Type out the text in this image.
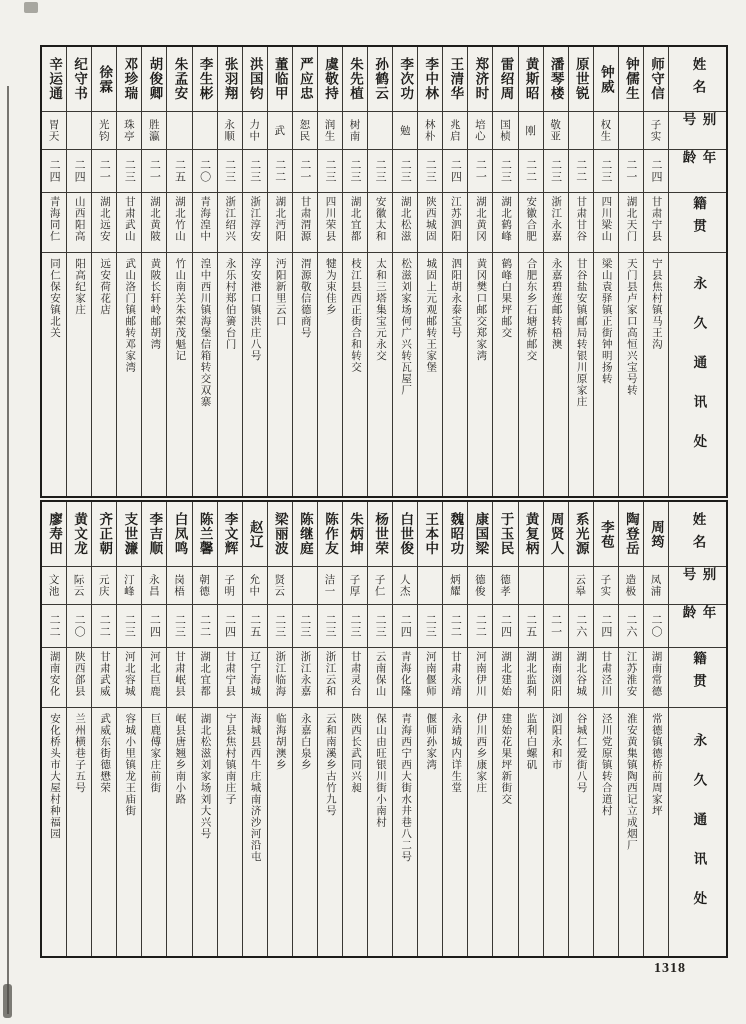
姓名
别号
年龄
籍贯
永久通讯处
师守信
子实
二四
甘肃宁县
宁县焦村镇马王沟
钟儒生
二一
湖北天门
天门县卢家口高恒兴宝号转
钟威
权生
二三
四川梁山
梁山袁驿镇正街钟明扬转
原世锐
二二
甘肃甘谷
甘谷盐安镇邮局转银川原家庄
潘琴楼
敬亚
二三
浙江永嘉
永嘉碧莲邮转梧澳
黄斯昭
刚
二二
安徽合肥
合肥东乡石塘桥邮交
雷绍周
国桢
二三
湖北鹤峰
鹤峰白果坪邮交
郑济时
培心
二一
湖北黄冈
黄冈樊口邮交郑家湾
王清华
兆启
二四
江苏泗阳
泗阳胡永泰宝号
李中林
林朴
二三
陕西城固
城固上元观邮转王家堡
李次功
勉
二三
湖北松滋
松滋刘家场何广兴转瓦屋厂
孙鹤云
二三
安徽太和
太和三塔集宝元永交
朱先植
树南
二三
湖北宜都
枝江县西正街合和转交
虞敬持
润生
二三
四川荣县
犍为束佳乡
严应忠
恕民
二一
甘肃渭源
渭源敬信德商号
董临甲
武
二二
湖北沔阳
沔阳新里云口
洪国钧
力中
二三
浙江淳安
淳安港口镇洪庄八号
张羽翔
永顺
二三
浙江绍兴
永乐村郑伯箦台门
李生彬
二〇
青海湟中
湟中西川镇海堡信箱转交双寨
朱孟安
二五
湖北竹山
竹山南关朱荣茂魁记
胡俊卿
胜瀛
二一
湖北黄陂
黄陂长轩岭邮胡湾
邓珍瑞
珠亭
二三
甘肃武山
武山洛门镇邮转邓家湾
徐霖
光钧
二一
湖北远安
远安荷花店
纪守书
二四
山西阳高
阳高纪家庄
辛运通
胃天
二四
青海同仁
同仁保安镇北关
姓名
别号
年龄
籍贯
永久通讯处
周筠
凤浦
二〇
湖南常德
常德镇德桥前周家坪
陶登岳
造极
二六
江苏淮安
淮安黄集镇陶西记立成烟厂
李苞
子实
二四
甘肃泾川
泾川党原镇转合道村
系光源
云皋
二六
湖北谷城
谷城仁爱街八号
周贤人
二一
湖南浏阳
浏阳永和市
黄复柄
二五
湖北监利
监利白螺矶
于玉民
德孝
二四
湖北建始
建始花果坪新街交
康国梁
德俊
二二
河南伊川
伊川西乡康家庄
魏昭功
炳耀
二二
甘肃永靖
永靖城内详生堂
王本中
二三
河南偃师
偃师孙家湾
白世俊
人杰
二四
青海化隆
青海西宁西大街水井巷八二号
杨世荣
子仁
二三
云南保山
保山由旺银川街小南村
朱炳坤
子厚
二三
甘肃灵台
陕西长武同兴昶
陈作友
洁一
二三
浙江云和
云和南溪乡古竹九号
陈继庭
二三
浙江永嘉
永嘉白泉乡
梁丽波
贤云
二三
浙江临海
临海胡澳乡
赵辽
允中
二五
辽宁海城
海城县西牛庄城南济沙河沿屯
李文辉
子明
二四
甘肃宁县
宁县焦村镇南庄子
陈兰馨
朝德
二二
湖北宜都
湖北松滋刘家场刘大兴号
白凤鸣
岗梧
二三
甘肃岷县
岷县唐翘乡南小路
李吉顺
永昌
二四
河北巨鹿
巨鹿傅家庄前街
支世濂
汀峰
二三
河北容城
容城小里镇龙王庙街
齐正朝
元庆
二二
甘肃武威
武威东街德懋荣
黄文龙
际云
二〇
陕西郃县
兰州横巷子五号
廖寿田
文池
二二
湖南安化
安化桥头市大屋村种福园
1318
